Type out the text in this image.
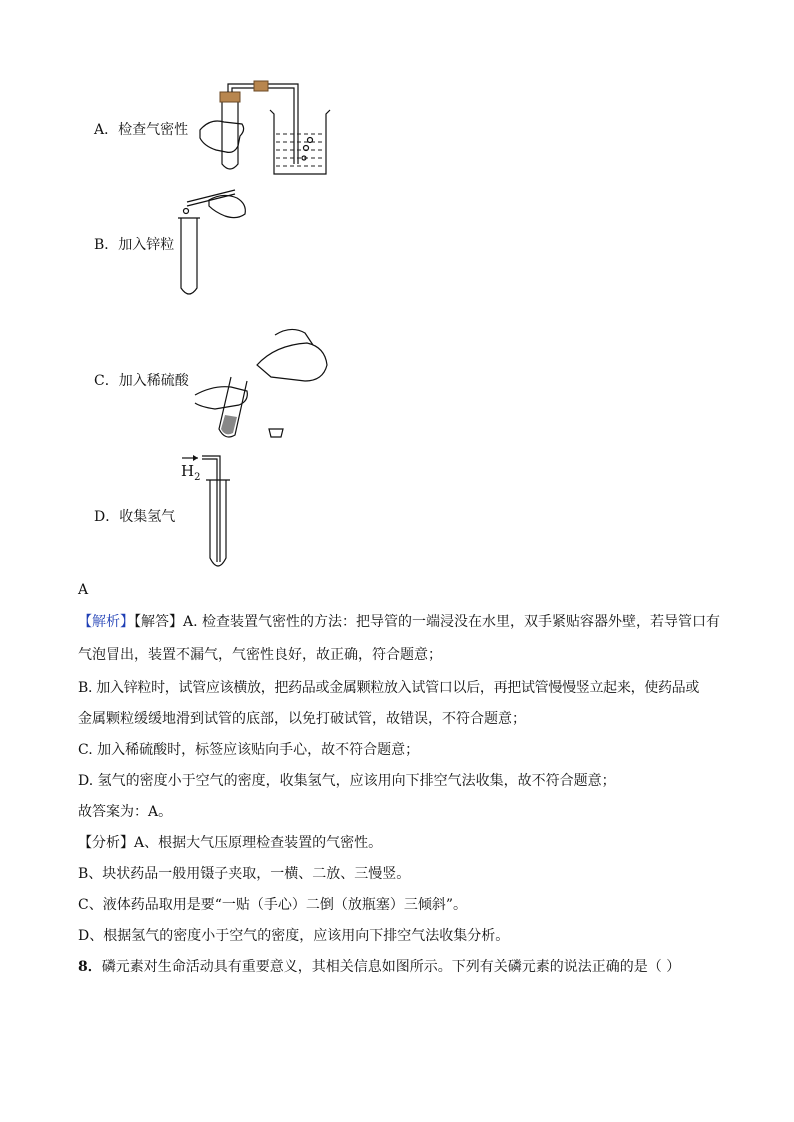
A．检查气密性
B．加入锌粒
C．加入稀硫酸
D．收集氢气
$H_2$
A
【解析】【解答】A. 检查装置气密性的方法：把导管的一端浸没在水里，双手紧贴容器外壁，若导管口有
气泡冒出，装置不漏气，气密性良好，故正确，符合题意；
B. 加入锌粒时，试管应该横放，把药品或金属颗粒放入试管口以后，再把试管慢慢竖立起来，使药品或
金属颗粒缓缓地滑到试管的底部，以免打破试管，故错误，不符合题意；
C. 加入稀硫酸时，标签应该贴向手心，故不符合题意；
D. 氢气的密度小于空气的密度，收集氢气，应该用向下排空气法收集，故不符合题意；
故答案为：A。
【分析】A、根据大气压原理检查装置的气密性。
B、块状药品一般用镊子夹取，一横、二放、三慢竖。
C、液体药品取用是要“一贴（手心）二倒（放瓶塞）三倾斜”。
D、根据氢气的密度小于空气的密度，应该用向下排空气法收集分析。
8．磷元素对生命活动具有重要意义，其相关信息如图所示。下列有关磷元素的说法正确的是（ ）
